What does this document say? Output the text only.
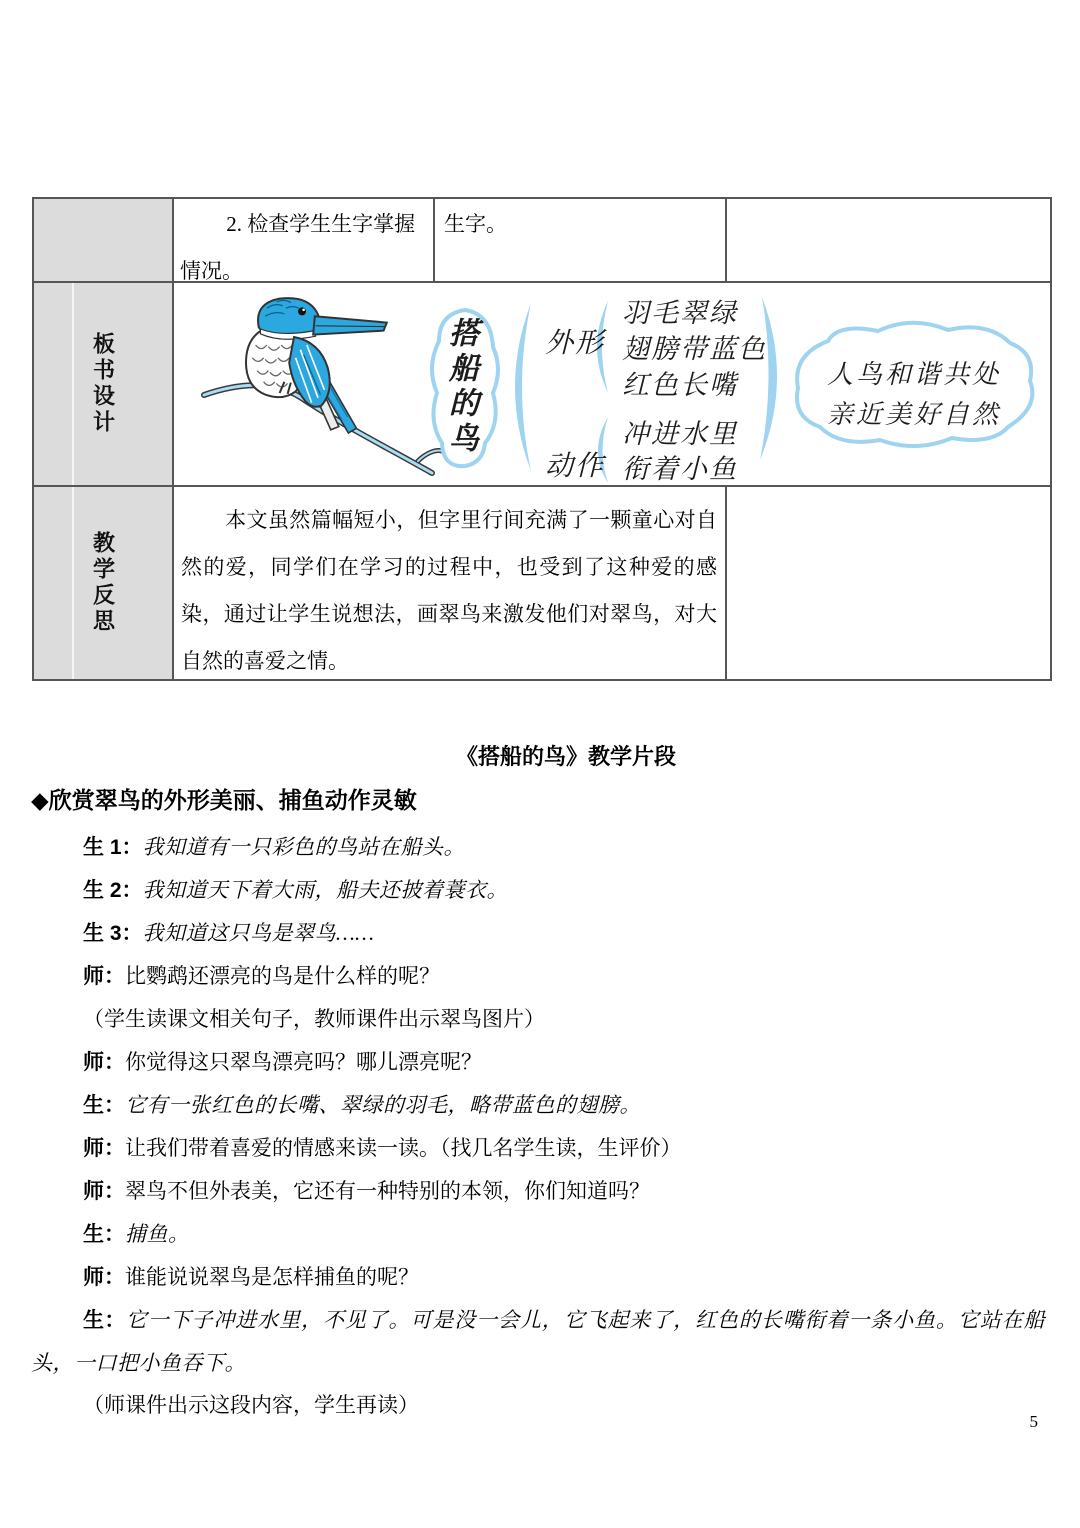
2. 检查学生生字掌握情况。
生字。
板书设计	搭船的鸟 外形
羽毛翠绿
翅膀带蓝色
红色长嘴
动作
冲进水里
衔着小鱼
人鸟和谐共处
亲近美好自然
教学反思
本文虽然篇幅短小，但字里行间充满了一颗童心对自然的爱，同学们在学习的过程中，也受到了这种爱的感染，通过让学生说想法，画翠鸟来激发他们对翠鸟，对大自然的喜爱之情。
《搭船的鸟》教学片段
◆欣赏翠鸟的外形美丽、捕鱼动作灵敏

生 1：我知道有一只彩色的鸟站在船头。

生 2：我知道天下着大雨，船夫还披着蓑衣。

生 3：我知道这只鸟是翠鸟……

师：比鹦鹉还漂亮的鸟是什么样的呢？

（学生读课文相关句子，教师课件出示翠鸟图片）

师：你觉得这只翠鸟漂亮吗？哪儿漂亮呢？

生：它有一张红色的长嘴、翠绿的羽毛，略带蓝色的翅膀。

师：让我们带着喜爱的情感来读一读。（找几名学生读，生评价）

师：翠鸟不但外表美，它还有一种特别的本领，你们知道吗？

生：捕鱼。

师：谁能说说翠鸟是怎样捕鱼的呢？

生：它一下子冲进水里，不见了。可是没一会儿，它飞起来了，红色的长嘴衔着一条小鱼。它站在船头，一口把小鱼吞下。

（师课件出示这段内容，学生再读）

5
